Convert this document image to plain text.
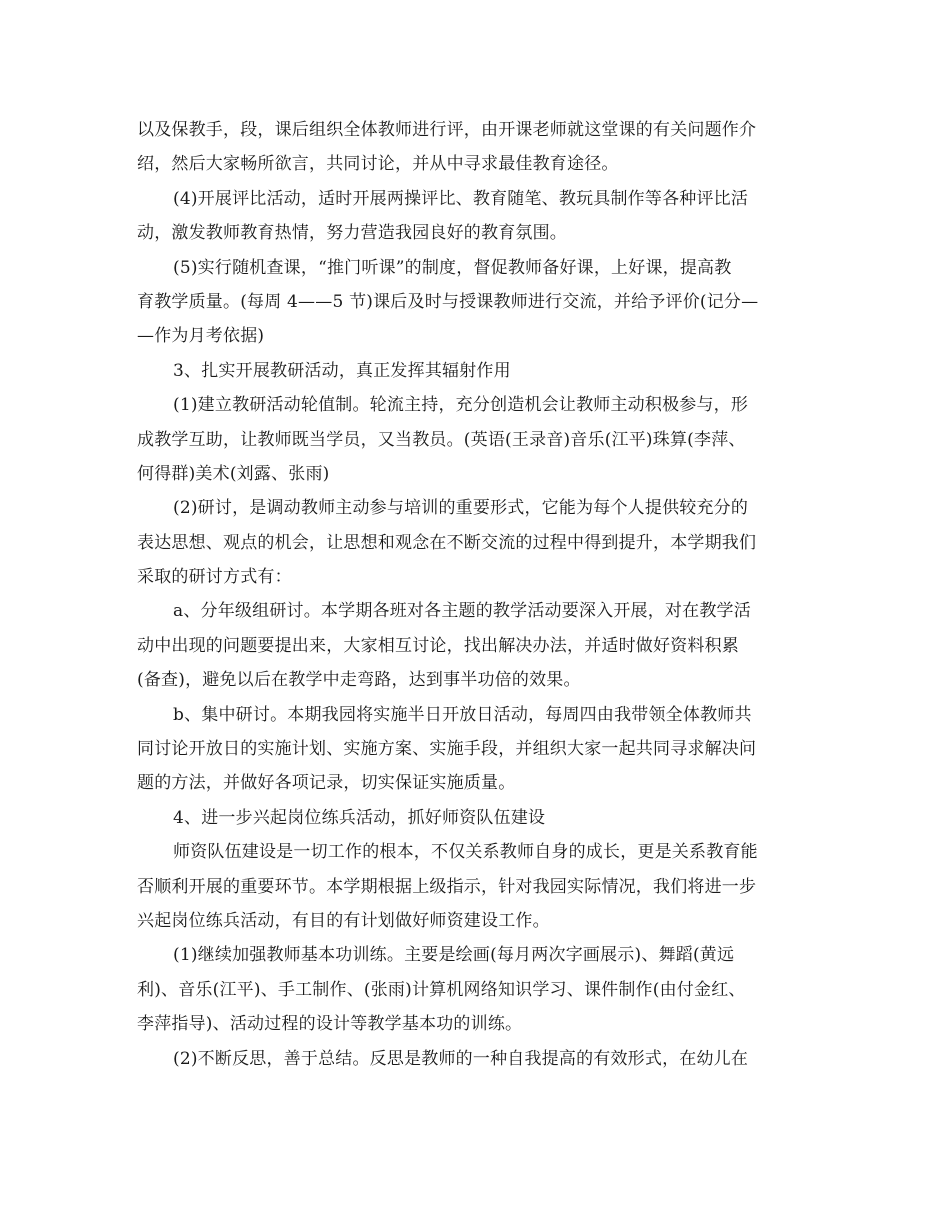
以及保教手，段，课后组织全体教师进行评，由开课老师就这堂课的有关问题作介
绍，然后大家畅所欲言，共同讨论，并从中寻求最佳教育途径。
(4)开展评比活动，适时开展两操评比、教育随笔、教玩具制作等各种评比活
动，激发教师教育热情，努力营造我园良好的教育氛围。
(5)实行随机查课，“推门听课”的制度，督促教师备好课，上好课，提高教
育教学质量。(每周 4——5 节)课后及时与授课教师进行交流，并给予评价(记分—
—作为月考依据)
3、扎实开展教研活动，真正发挥其辐射作用
(1)建立教研活动轮值制。轮流主持，充分创造机会让教师主动积极参与，形
成教学互助，让教师既当学员，又当教员。(英语(王录音)音乐(江平)珠算(李萍、
何得群)美术(刘露、张雨)
(2)研讨，是调动教师主动参与培训的重要形式，它能为每个人提供较充分的
表达思想、观点的机会，让思想和观念在不断交流的过程中得到提升，本学期我们
采取的研讨方式有：
a、分年级组研讨。本学期各班对各主题的教学活动要深入开展，对在教学活
动中出现的问题要提出来，大家相互讨论，找出解决办法，并适时做好资料积累
(备查)，避免以后在教学中走弯路，达到事半功倍的效果。
b、集中研讨。本期我园将实施半日开放日活动，每周四由我带领全体教师共
同讨论开放日的实施计划、实施方案、实施手段，并组织大家一起共同寻求解决问
题的方法，并做好各项记录，切实保证实施质量。
4、进一步兴起岗位练兵活动，抓好师资队伍建设
师资队伍建设是一切工作的根本，不仅关系教师自身的成长，更是关系教育能
否顺利开展的重要环节。本学期根据上级指示，针对我园实际情况，我们将进一步
兴起岗位练兵活动，有目的有计划做好师资建设工作。
(1)继续加强教师基本功训练。主要是绘画(每月两次字画展示)、舞蹈(黄远
利)、音乐(江平)、手工制作、(张雨)计算机网络知识学习、课件制作(由付金红、
李萍指导)、活动过程的设计等教学基本功的训练。
(2)不断反思，善于总结。反思是教师的一种自我提高的有效形式，在幼儿在
